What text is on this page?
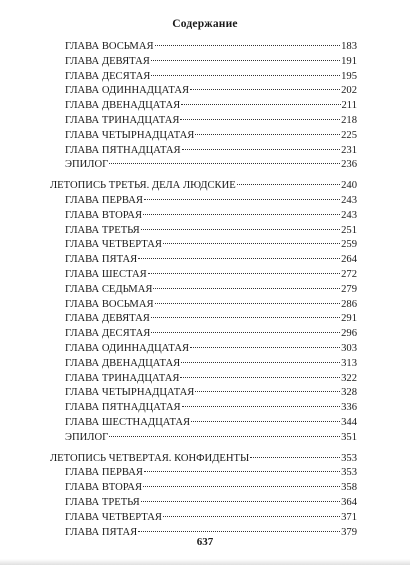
Содержание
ГЛАВА ВОСЬМАЯ	183
ГЛАВА ДЕВЯТАЯ	191
ГЛАВА ДЕСЯТАЯ	195
ГЛАВА ОДИННАДЦАТАЯ	202
ГЛАВА ДВЕНАДЦАТАЯ	211
ГЛАВА ТРИНАДЦАТАЯ	218
ГЛАВА ЧЕТЫРНАДЦАТАЯ	225
ГЛАВА ПЯТНАДЦАТАЯ	231
ЭПИЛОГ	236
ЛЕТОПИСЬ ТРЕТЬЯ. ДЕЛА ЛЮДСКИЕ	240
ГЛАВА ПЕРВАЯ	243
ГЛАВА ВТОРАЯ	243
ГЛАВА ТРЕТЬЯ	251
ГЛАВА ЧЕТВЕРТАЯ	259
ГЛАВА ПЯТАЯ	264
ГЛАВА ШЕСТАЯ	272
ГЛАВА СЕДЬМАЯ	279
ГЛАВА ВОСЬМАЯ	286
ГЛАВА ДЕВЯТАЯ	291
ГЛАВА ДЕСЯТАЯ	296
ГЛАВА ОДИННАДЦАТАЯ	303
ГЛАВА ДВЕНАДЦАТАЯ	313
ГЛАВА ТРИНАДЦАТАЯ	322
ГЛАВА ЧЕТЫРНАДЦАТАЯ	328
ГЛАВА ПЯТНАДЦАТАЯ	336
ГЛАВА ШЕСТНАДЦАТАЯ	344
ЭПИЛОГ	351
ЛЕТОПИСЬ ЧЕТВЕРТАЯ. КОНФИДЕНТЫ	353
ГЛАВА ПЕРВАЯ	353
ГЛАВА ВТОРАЯ	358
ГЛАВА ТРЕТЬЯ	364
ГЛАВА ЧЕТВЕРТАЯ	371
ГЛАВА ПЯТАЯ	379
637
